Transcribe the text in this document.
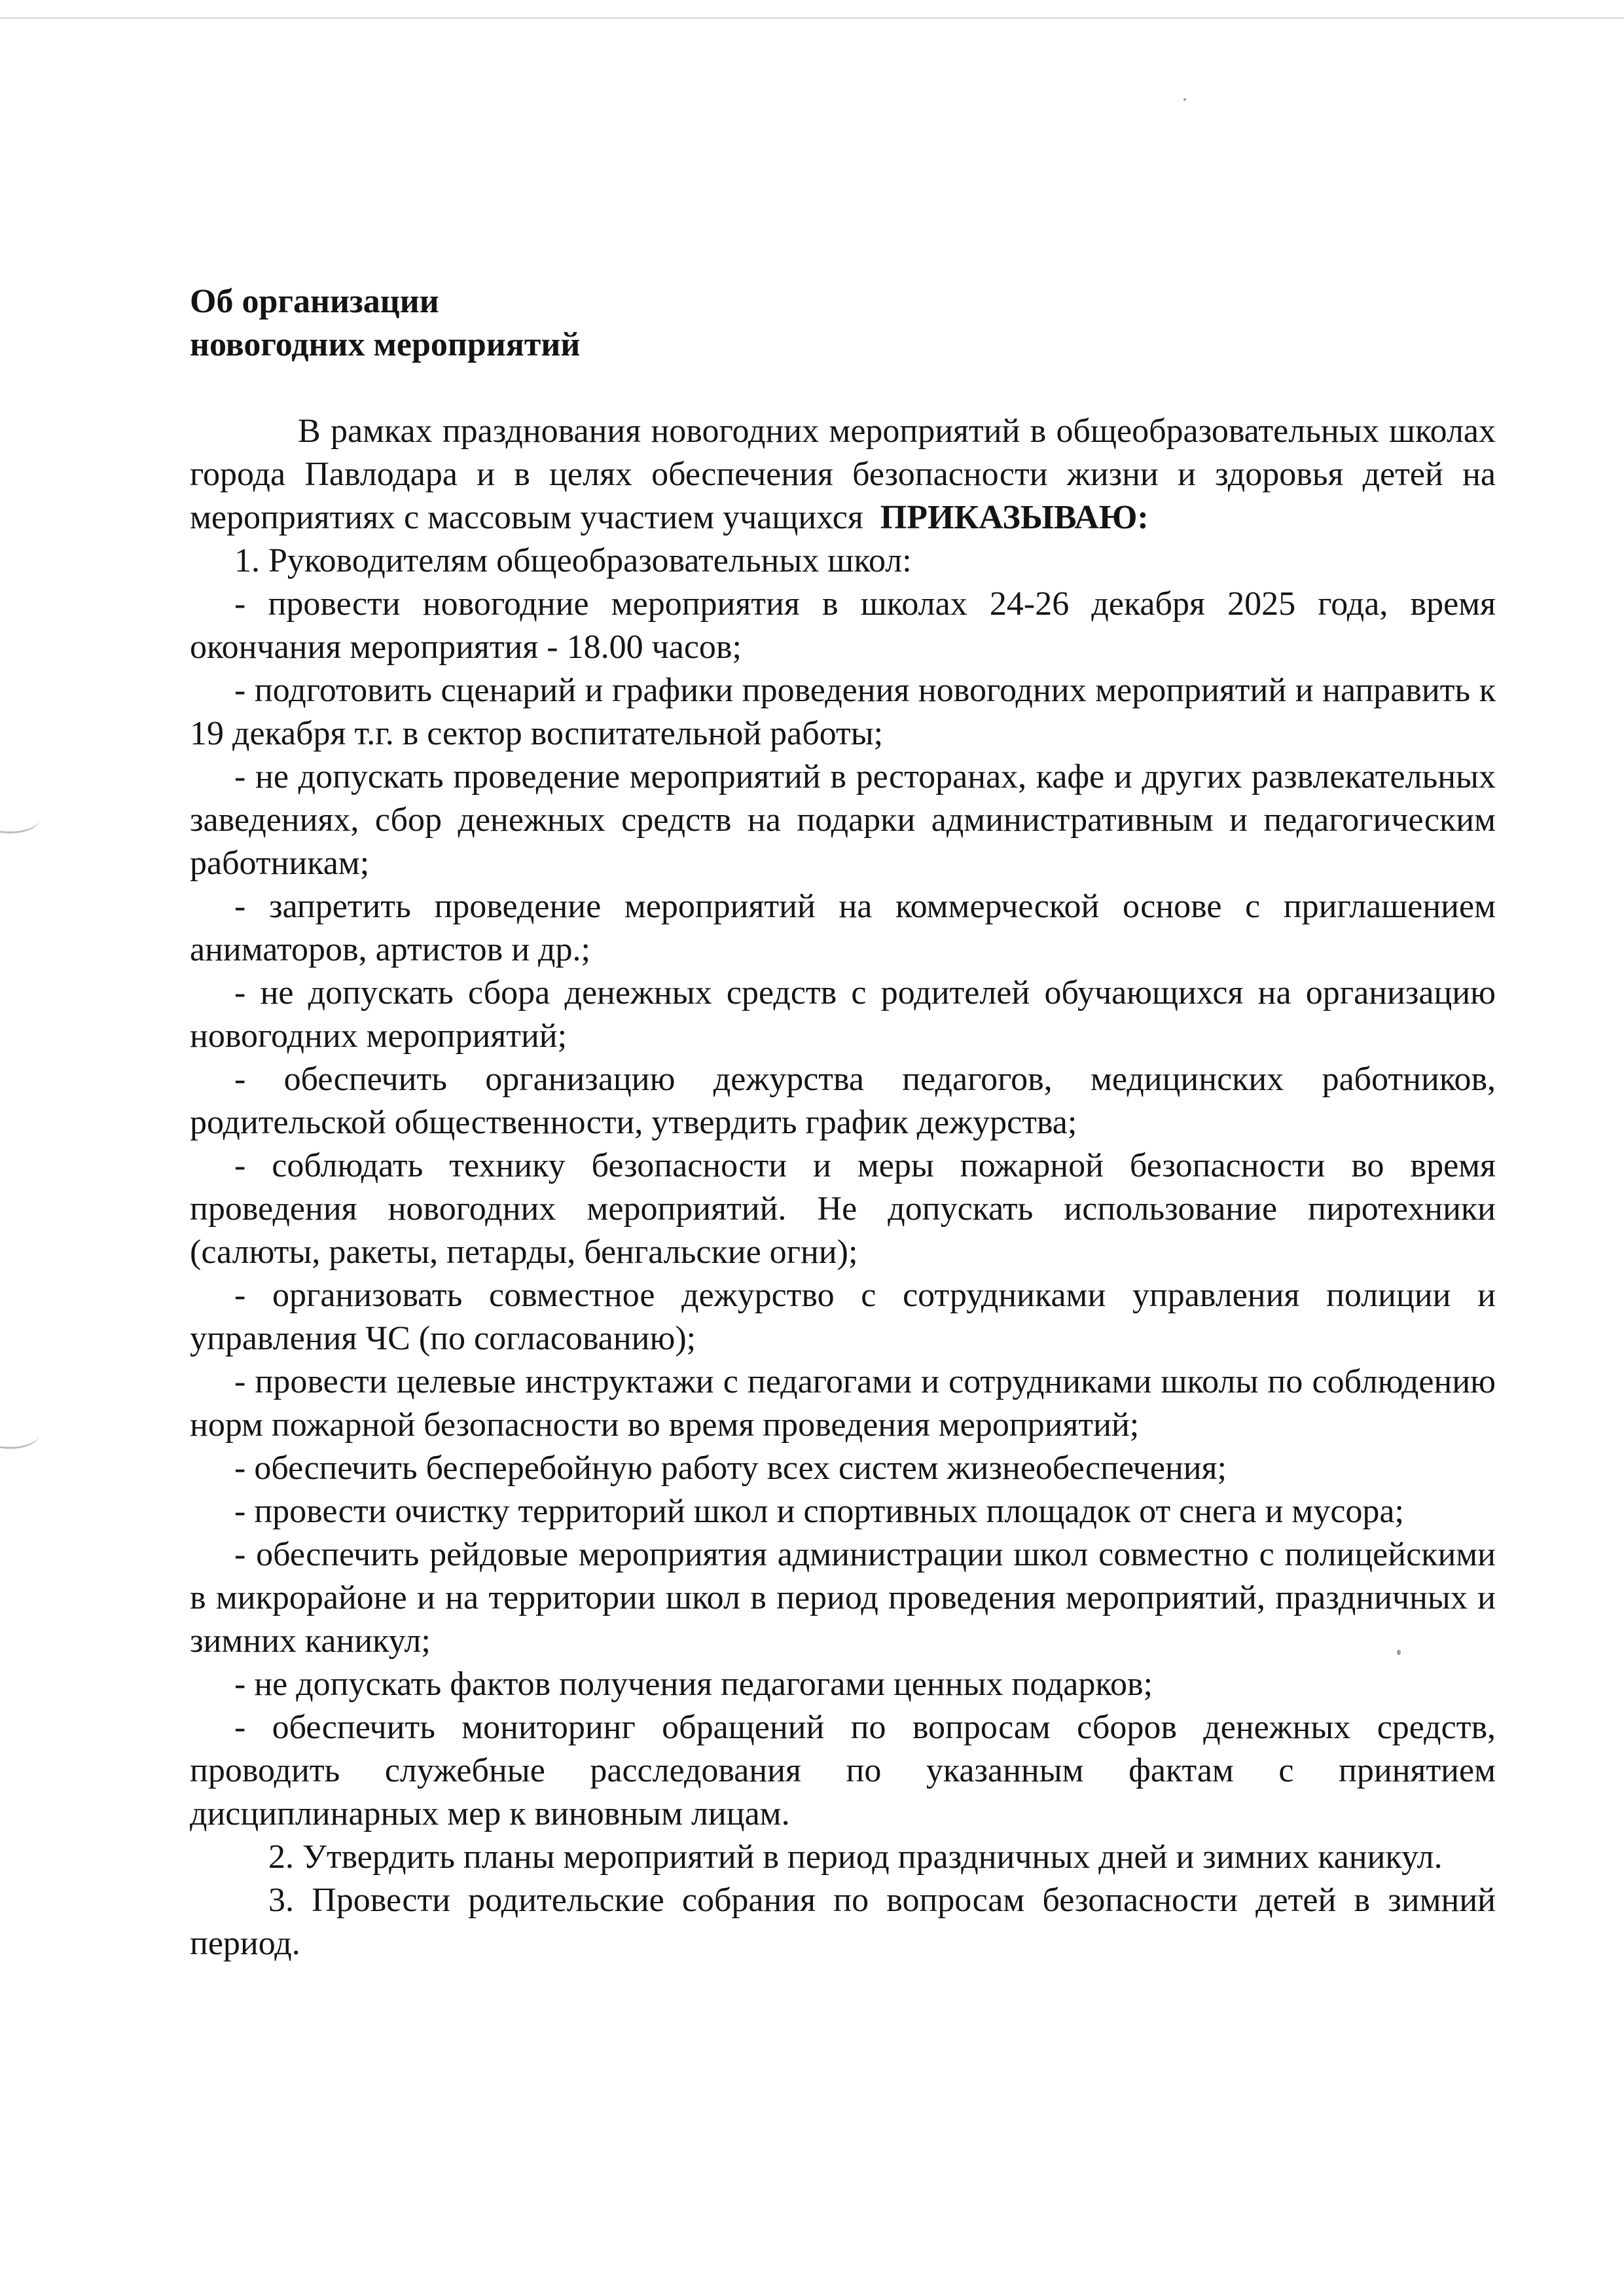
Об организации
новогодних мероприятий

В рамках празднования новогодних мероприятий в общеобразовательных школах города Павлодара и в целях обеспечения безопасности жизни и здоровья детей на мероприятиях с массовым участием учащихся ПРИКАЗЫВАЮ:

1. Руководителям общеобразовательных школ:

- провести новогодние мероприятия в школах 24-26 декабря 2025 года, время окончания мероприятия - 18.00 часов;

- подготовить сценарий и графики проведения новогодних мероприятий и направить к 19 декабря т.г. в сектор воспитательной работы;

- не допускать проведение мероприятий в ресторанах, кафе и других развлекательных заведениях, сбор денежных средств на подарки административным и педагогическим работникам;

- запретить проведение мероприятий на коммерческой основе с приглашением аниматоров, артистов и др.;

- не допускать сбора денежных средств с родителей обучающихся на организацию новогодних мероприятий;

- обеспечить организацию дежурства педагогов, медицинских работников, родительской общественности, утвердить график дежурства;

- соблюдать технику безопасности и меры пожарной безопасности во время проведения новогодних мероприятий. Не допускать использование пиротехники (салюты, ракеты, петарды, бенгальские огни);

- организовать совместное дежурство с сотрудниками управления полиции и управления ЧС (по согласованию);

- провести целевые инструктажи с педагогами и сотрудниками школы по соблюдению норм пожарной безопасности во время проведения мероприятий;

- обеспечить бесперебойную работу всех систем жизнеобеспечения;

- провести очистку территорий школ и спортивных площадок от снега и мусора;

- обеспечить рейдовые мероприятия администрации школ совместно с полицейскими в микрорайоне и на территории школ в период проведения мероприятий, праздничных и зимних каникул;

- не допускать фактов получения педагогами ценных подарков;

- обеспечить мониторинг обращений по вопросам сборов денежных средств, проводить служебные расследования по указанным фактам с принятием дисциплинарных мер к виновным лицам.

2. Утвердить планы мероприятий в период праздничных дней и зимних каникул.

3. Провести родительские собрания по вопросам безопасности детей в зимний период.
